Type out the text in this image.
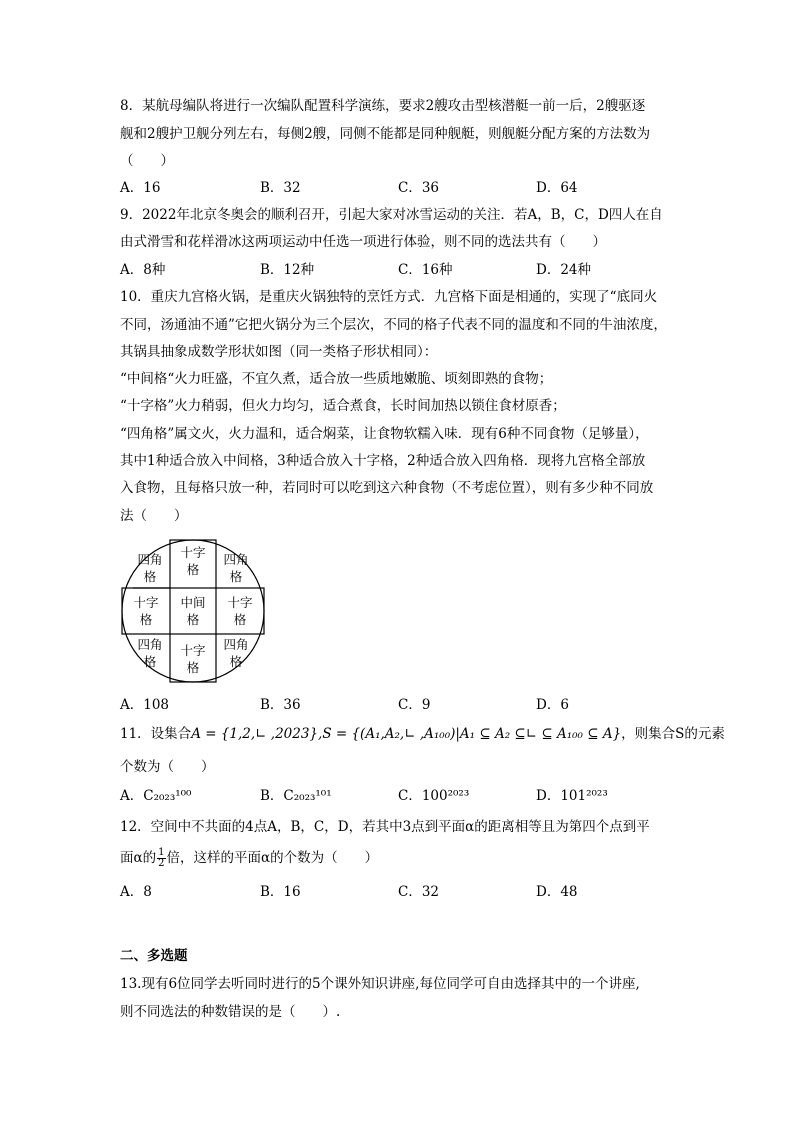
8．某航母编队将进行一次编队配置科学演练，要求2艘攻击型核潜艇一前一后，2艘驱逐
舰和2艘护卫舰分列左右，每侧2艘，同侧不能都是同种舰艇，则舰艇分配方案的方法数为
（　　）
A．16	B．32	C．36	D．64
9．2022年北京冬奥会的顺利召开，引起大家对冰雪运动的关注．若A，B，C，D四人在自
由式滑雪和花样滑冰这两项运动中任选一项进行体验，则不同的选法共有（　　）
A．8种	B．12种	C．16种	D．24种
10．重庆九宫格火锅，是重庆火锅独特的烹饪方式．九宫格下面是相通的，实现了“底同火
不同，汤通油不通”它把火锅分为三个层次，不同的格子代表不同的温度和不同的牛油浓度，
其锅具抽象成数学形状如图（同一类格子形状相同）：
“中间格“火力旺盛，不宜久煮，适合放一些质地嫩脆、顷刻即熟的食物；
“十字格”火力稍弱，但火力均匀，适合煮食，长时间加热以锁住食材原香；
“四角格”属文火，火力温和，适合焖菜，让食物软糯入味．现有6种不同食物（足够量），
其中1种适合放入中间格，3种适合放入十字格，2种适合放入四角格．现将九宫格全部放
入食物，且每格只放一种，若同时可以吃到这六种食物（不考虑位置），则有多少种不同放
法（　　）
四角
格
十字
格
四角
格
十字
格
中间
格
十字
格
四角
格
十字
格
四角
格
A．108	B．36	C．9	D．6
11．设集合A = {1,2,∟ ,2023},S = {(A₁,A₂,∟ ,A₁₀₀)|A₁ ⊆ A₂ ⊆∟ ⊆ A₁₀₀ ⊆ A}，则集合S的元素
个数为（　　）
A．C₂₀₂₃¹⁰⁰	B．C₂₀₂₃¹⁰¹	C．100²⁰²³	D．101²⁰²³
12．空间中不共面的4点A，B，C，D，若其中3点到平面α的距离相等且为第四个点到平
面α的 $\frac{1}{2}$ 倍，这样的平面α的个数为（　　）
A．8	B．16	C．32	D．48
二、多选题
13.现有6位同学去听同时进行的5个课外知识讲座,每位同学可自由选择其中的一个讲座,
则不同选法的种数错误的是（　　）.
